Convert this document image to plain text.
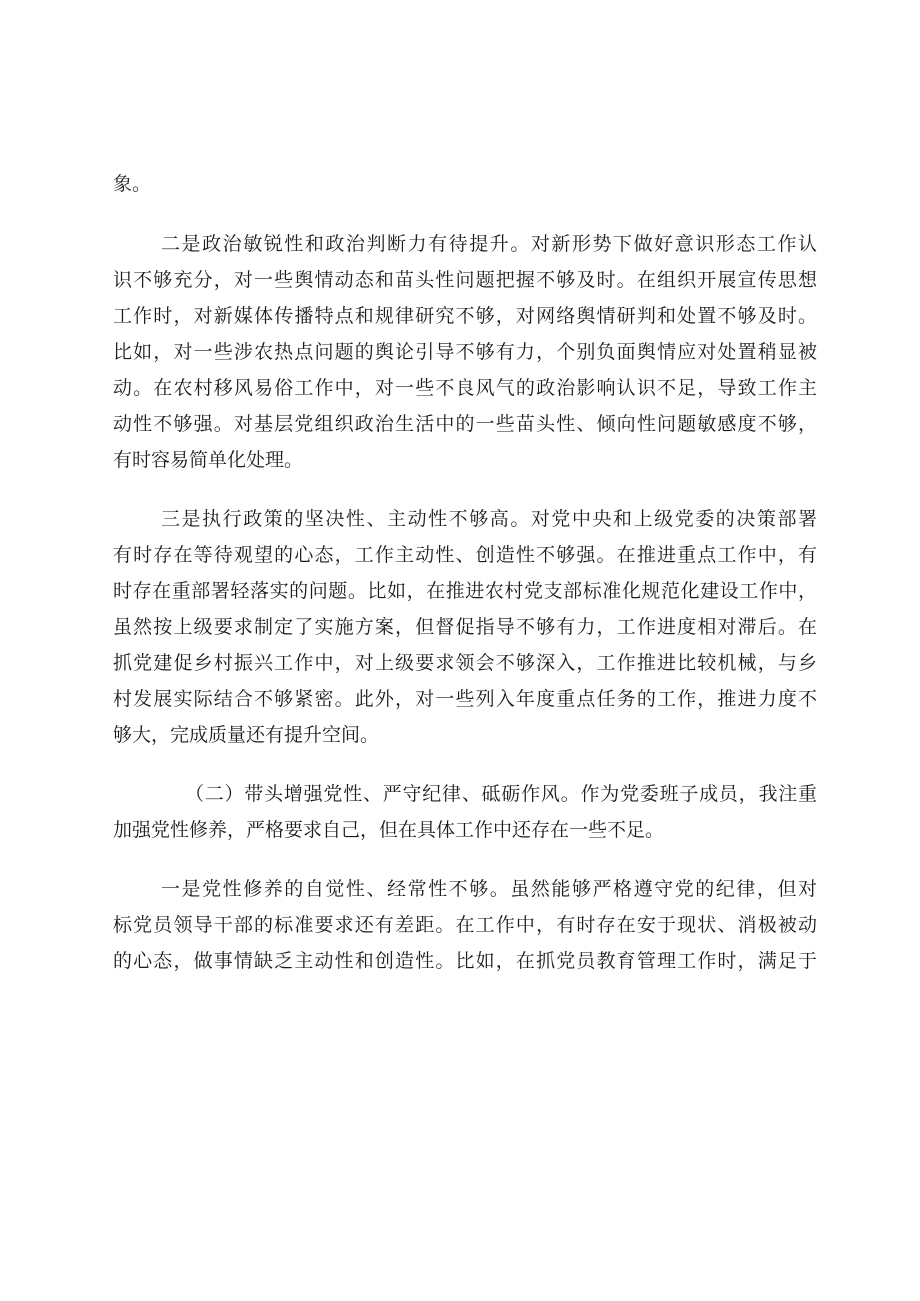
象。
二是政治敏锐性和政治判断力有待提升。对新形势下做好意识形态工作认
识不够充分，对一些舆情动态和苗头性问题把握不够及时。在组织开展宣传思想
工作时，对新媒体传播特点和规律研究不够，对网络舆情研判和处置不够及时。
比如，对一些涉农热点问题的舆论引导不够有力，个别负面舆情应对处置稍显被
动。在农村移风易俗工作中，对一些不良风气的政治影响认识不足，导致工作主
动性不够强。对基层党组织政治生活中的一些苗头性、倾向性问题敏感度不够，
有时容易简单化处理。
三是执行政策的坚决性、主动性不够高。对党中央和上级党委的决策部署
有时存在等待观望的心态，工作主动性、创造性不够强。在推进重点工作中，有
时存在重部署轻落实的问题。比如，在推进农村党支部标准化规范化建设工作中，
虽然按上级要求制定了实施方案，但督促指导不够有力，工作进度相对滞后。在
抓党建促乡村振兴工作中，对上级要求领会不够深入，工作推进比较机械，与乡
村发展实际结合不够紧密。此外，对一些列入年度重点任务的工作，推进力度不
够大，完成质量还有提升空间。
（二）带头增强党性、严守纪律、砥砺作风。作为党委班子成员，我注重
加强党性修养，严格要求自己，但在具体工作中还存在一些不足。
一是党性修养的自觉性、经常性不够。虽然能够严格遵守党的纪律，但对
标党员领导干部的标准要求还有差距。在工作中，有时存在安于现状、消极被动
的心态，做事情缺乏主动性和创造性。比如，在抓党员教育管理工作时，满足于
